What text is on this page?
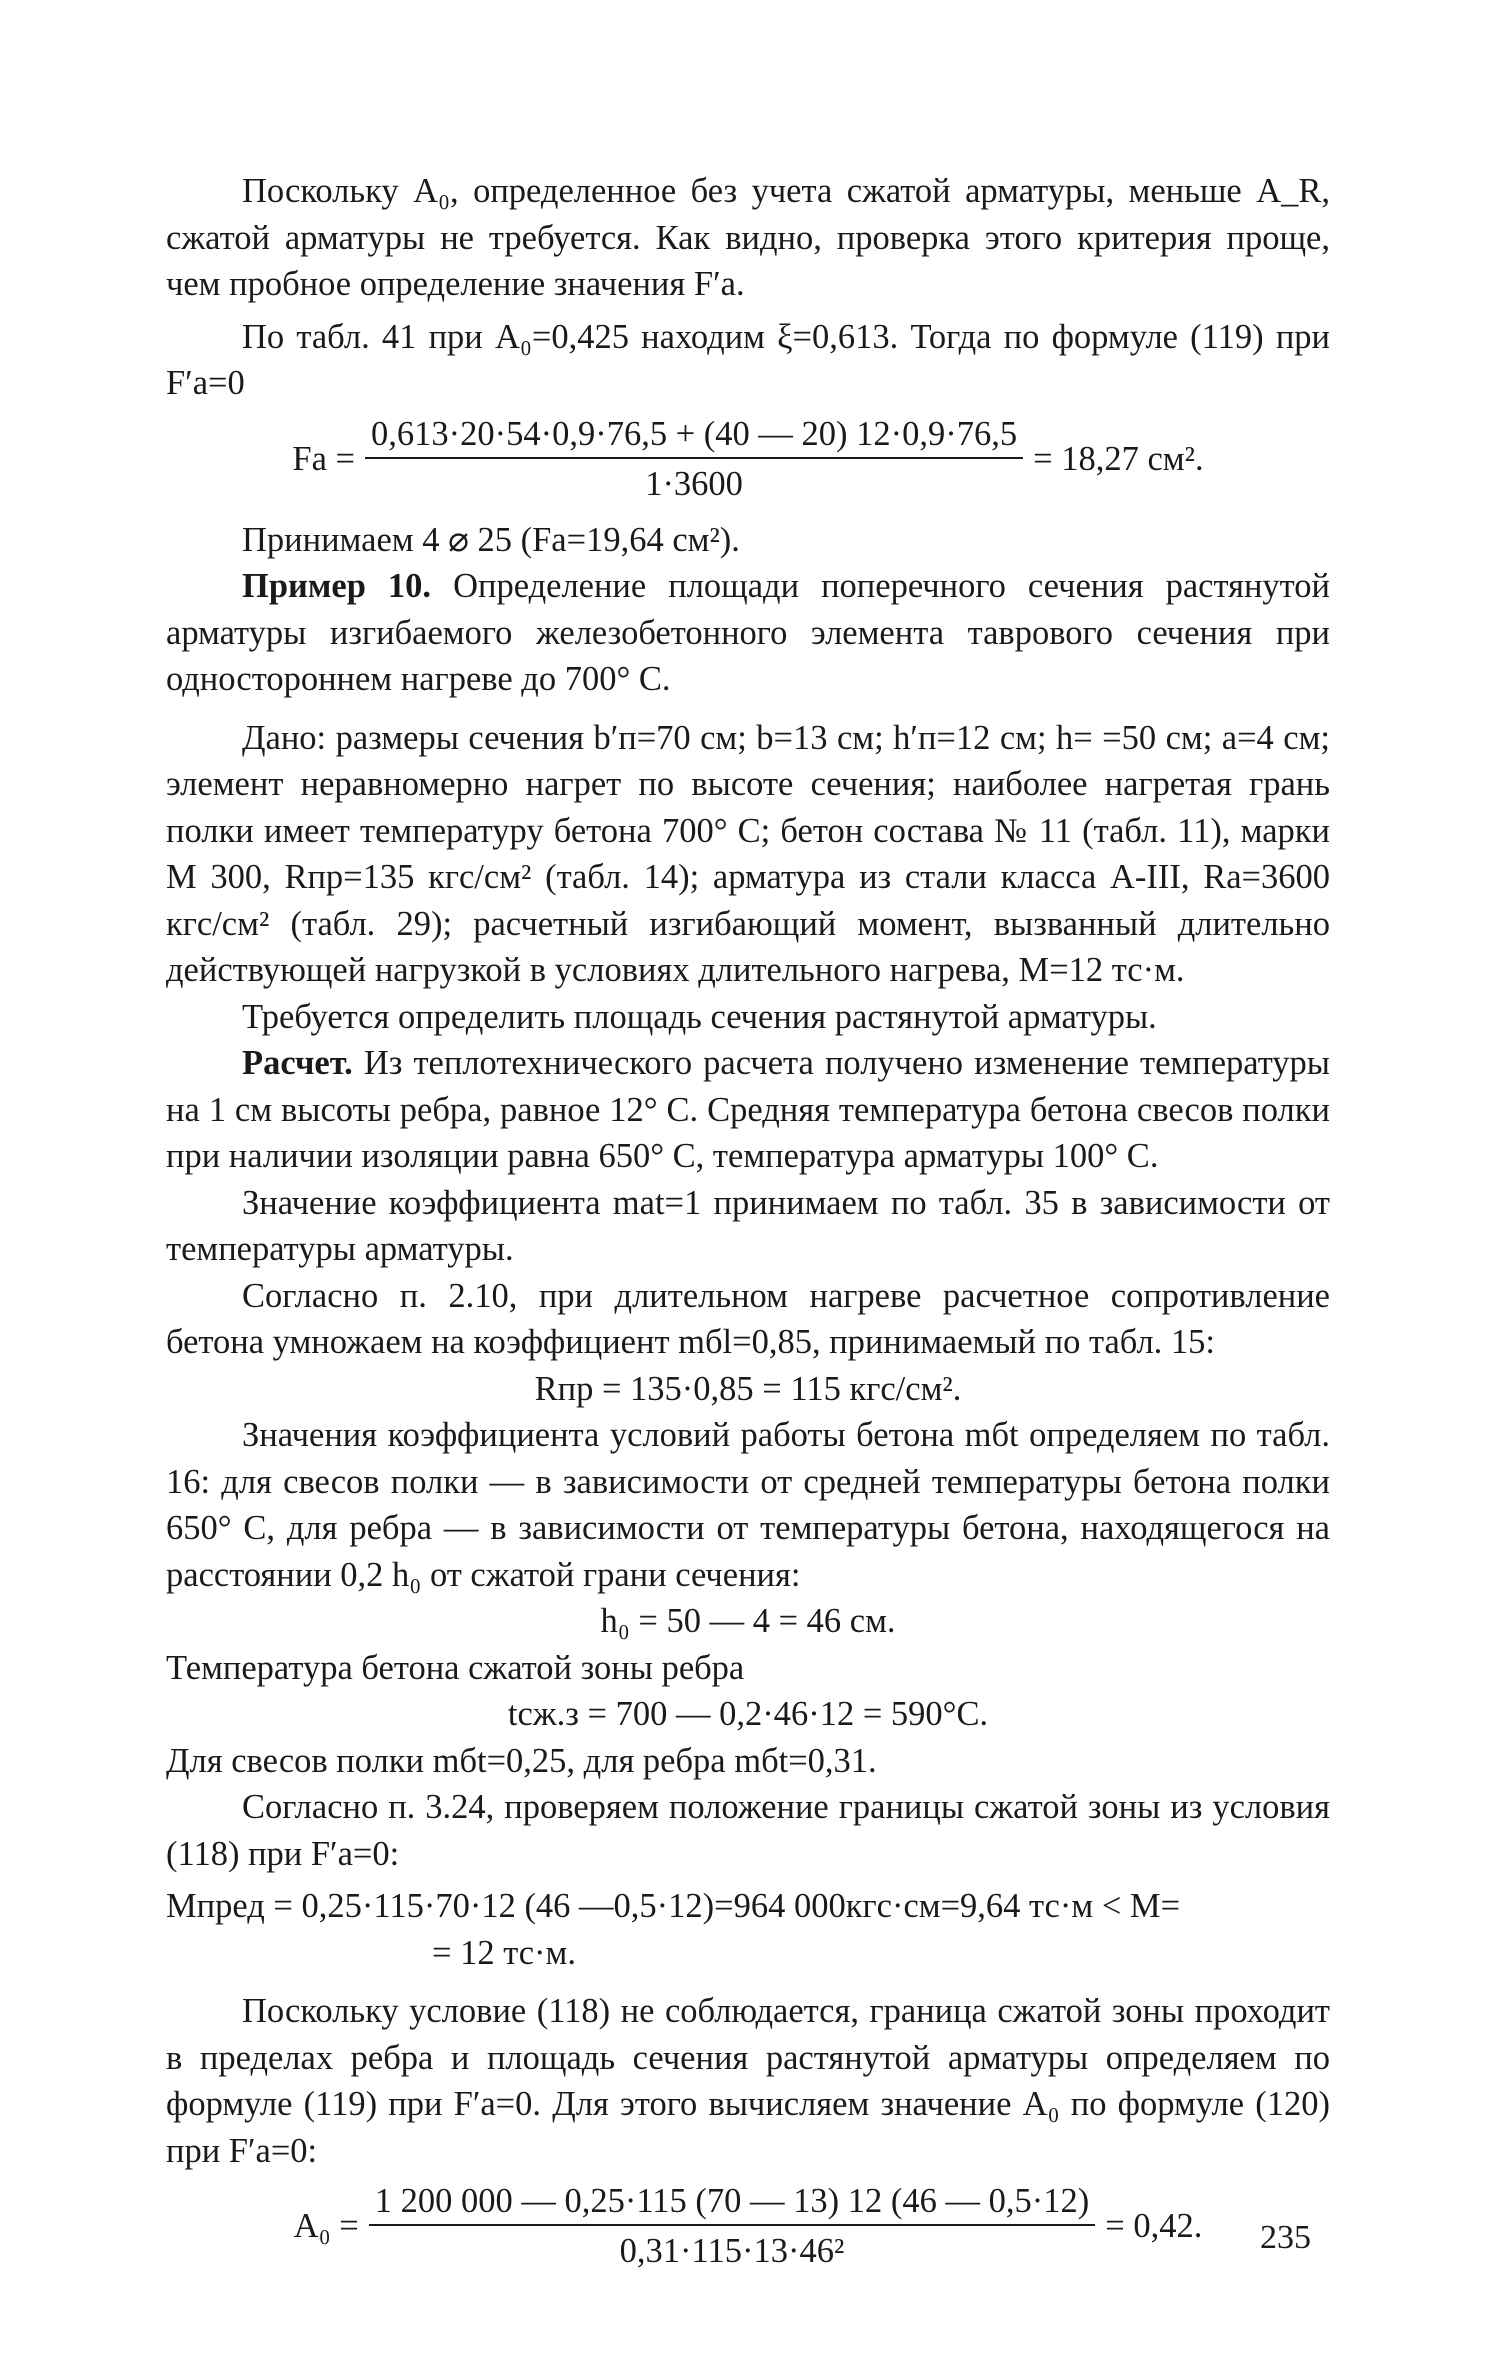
Поскольку A₀, определенное без учета сжатой арматуры, меньше A_R, сжатой арматуры не требуется. Как видно, проверка этого критерия проще, чем пробное определение значения F′a.

По табл. 41 при A₀=0,425 находим ξ=0,613. Тогда по формуле (119) при F′a=0

$Fa = \frac{0,613\cdot 20\cdot 54\cdot 0,9\cdot 76,5 + (40 — 20) 12\cdot 0,9\cdot 76,5}{1\cdot 3600} = 18,27$ см².

Принимаем 4 ⌀ 25 (Fa=19,64 см²).

Пример 10. Определение площади поперечного сечения растянутой арматуры изгибаемого железобетонного элемента таврового сечения при одностороннем нагреве до 700° С.

Дано: размеры сечения b′п=70 см; b=13 см; h′п=12 см; h= =50 см; a=4 см; элемент неравномерно нагрет по высоте сечения; наиболее нагретая грань полки имеет температуру бетона 700° С; бетон состава № 11 (табл. 11), марки М 300, Rпр=135 кгс/см² (табл. 14); арматура из стали класса А-III, Ra=3600 кгс/см² (табл. 29); расчетный изгибающий момент, вызванный длительно действующей нагрузкой в условиях длительного нагрева, M=12 тс·м.

Требуется определить площадь сечения растянутой арматуры.

Расчет. Из теплотехнического расчета получено изменение температуры на 1 см высоты ребра, равное 12° С. Средняя температура бетона свесов полки при наличии изоляции равна 650° С, температура арматуры 100° С.

Значение коэффициента mat=1 принимаем по табл. 35 в зависимости от температуры арматуры.

Согласно п. 2.10, при длительном нагреве расчетное сопротивление бетона умножаем на коэффициент mбl=0,85, принимаемый по табл. 15:

Rпр = 135·0,85 = 115 кгс/см².

Значения коэффициента условий работы бетона mбt определяем по табл. 16: для свесов полки — в зависимости от средней температуры бетона полки 650° С, для ребра — в зависимости от температуры бетона, находящегося на расстоянии 0,2 h₀ от сжатой грани сечения:

h₀ = 50 — 4 = 46 см.

Температура бетона сжатой зоны ребра

tсж.з = 700 — 0,2·46·12 = 590°С.

Для свесов полки mбt=0,25, для ребра mбt=0,31.

Согласно п. 3.24, проверяем положение границы сжатой зоны из условия (118) при F′a=0:

Mпред = 0,25·115·70·12 (46 —0,5·12)=964 000кгс·см=9,64 тс·м < M=

= 12 тс·м.

Поскольку условие (118) не соблюдается, граница сжатой зоны проходит в пределах ребра и площадь сечения растянутой арматуры определяем по формуле (119) при F′a=0. Для этого вычисляем значение A₀ по формуле (120) при F′a=0:

$A_0 = \frac{1 200 000 — 0,25\cdot 115 (70 — 13) 12 (46 — 0,5\cdot 12)}{\text{0,31·115·13·46²}} = 0,42$. 235
